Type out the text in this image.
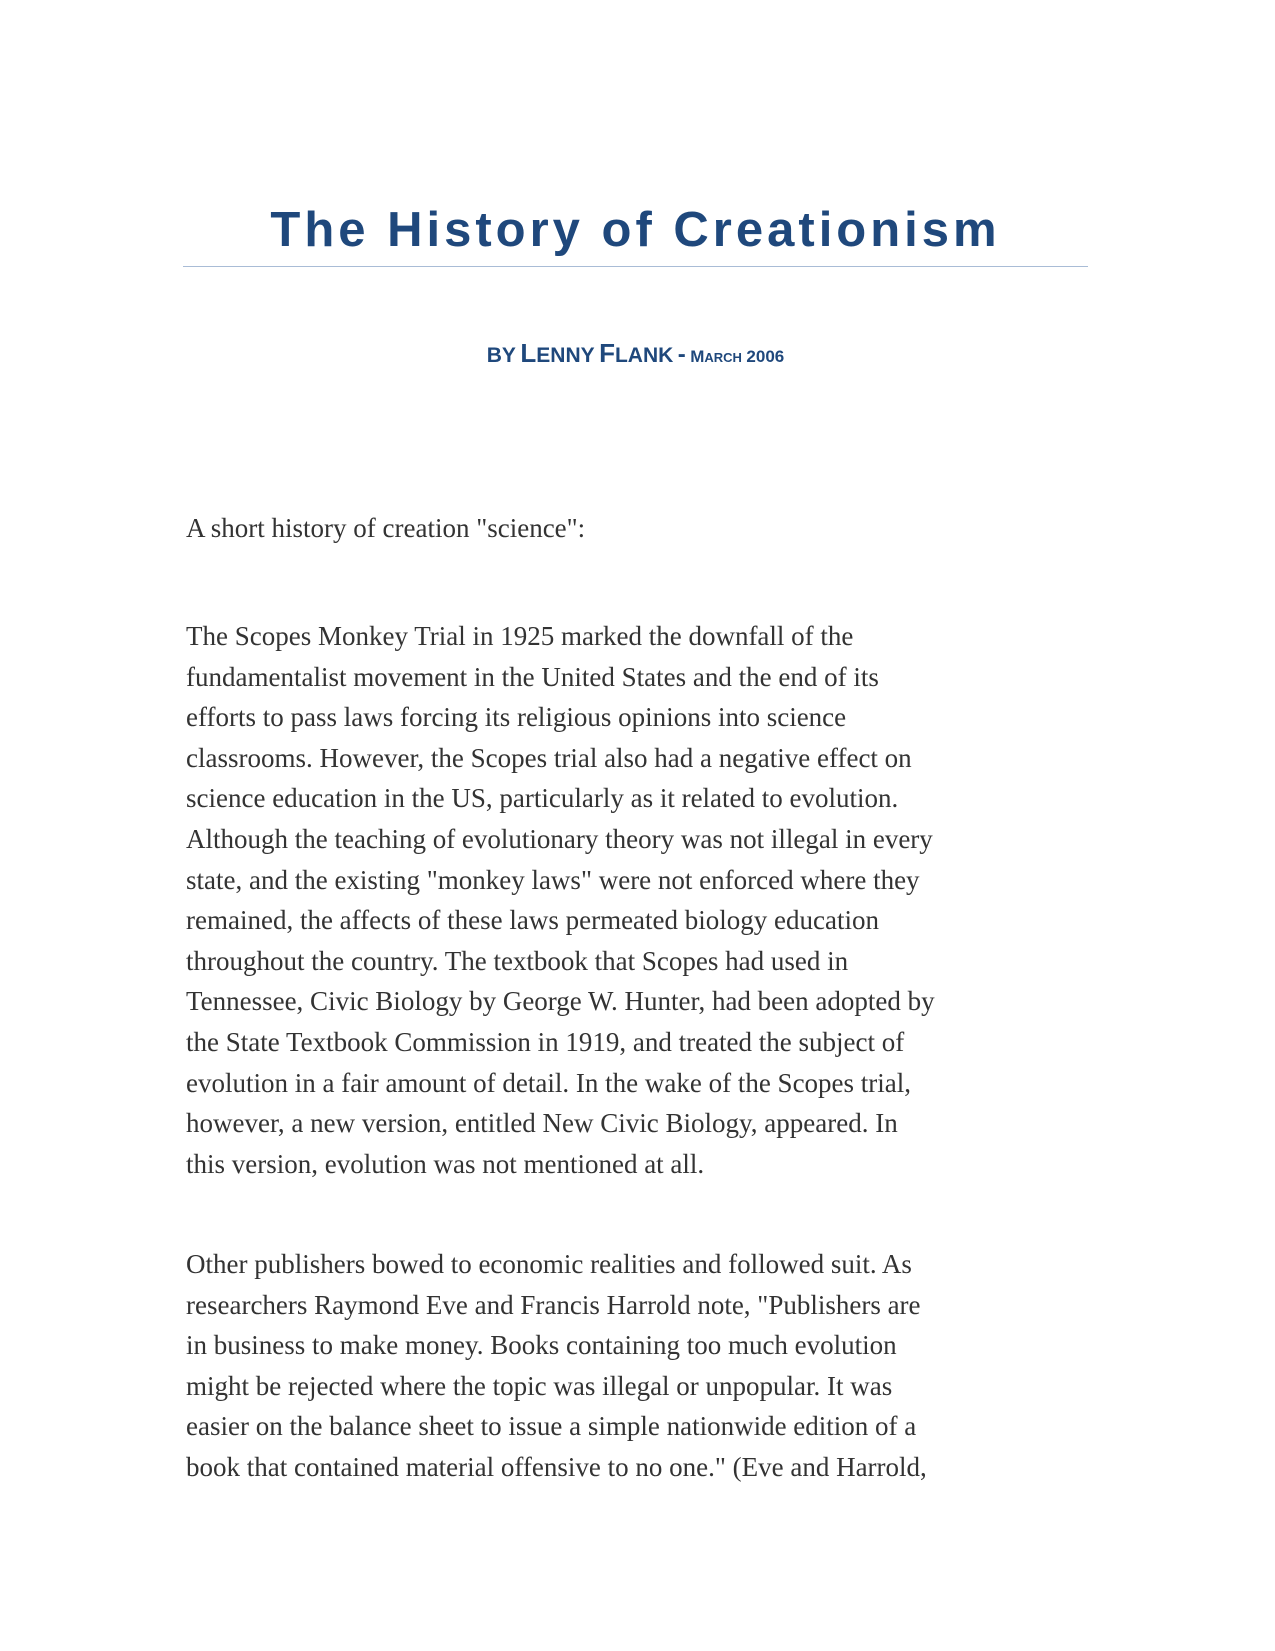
The History of Creationism
BY LENNY FLANK - MARCH 2006

A short history of creation "science":

The Scopes Monkey Trial in 1925 marked the downfall of the
fundamentalist movement in the United States and the end of its
efforts to pass laws forcing its religious opinions into science
classrooms. However, the Scopes trial also had a negative effect on
science education in the US, particularly as it related to evolution.
Although the teaching of evolutionary theory was not illegal in every
state, and the existing "monkey laws" were not enforced where they
remained, the affects of these laws permeated biology education
throughout the country. The textbook that Scopes had used in
Tennessee, Civic Biology by George W. Hunter, had been adopted by
the State Textbook Commission in 1919, and treated the subject of
evolution in a fair amount of detail. In the wake of the Scopes trial,
however, a new version, entitled New Civic Biology, appeared. In
this version, evolution was not mentioned at all.

Other publishers bowed to economic realities and followed suit. As
researchers Raymond Eve and Francis Harrold note, "Publishers are
in business to make money. Books containing too much evolution
might be rejected where the topic was illegal or unpopular. It was
easier on the balance sheet to issue a simple nationwide edition of a
book that contained material offensive to no one." (Eve and Harrold,
